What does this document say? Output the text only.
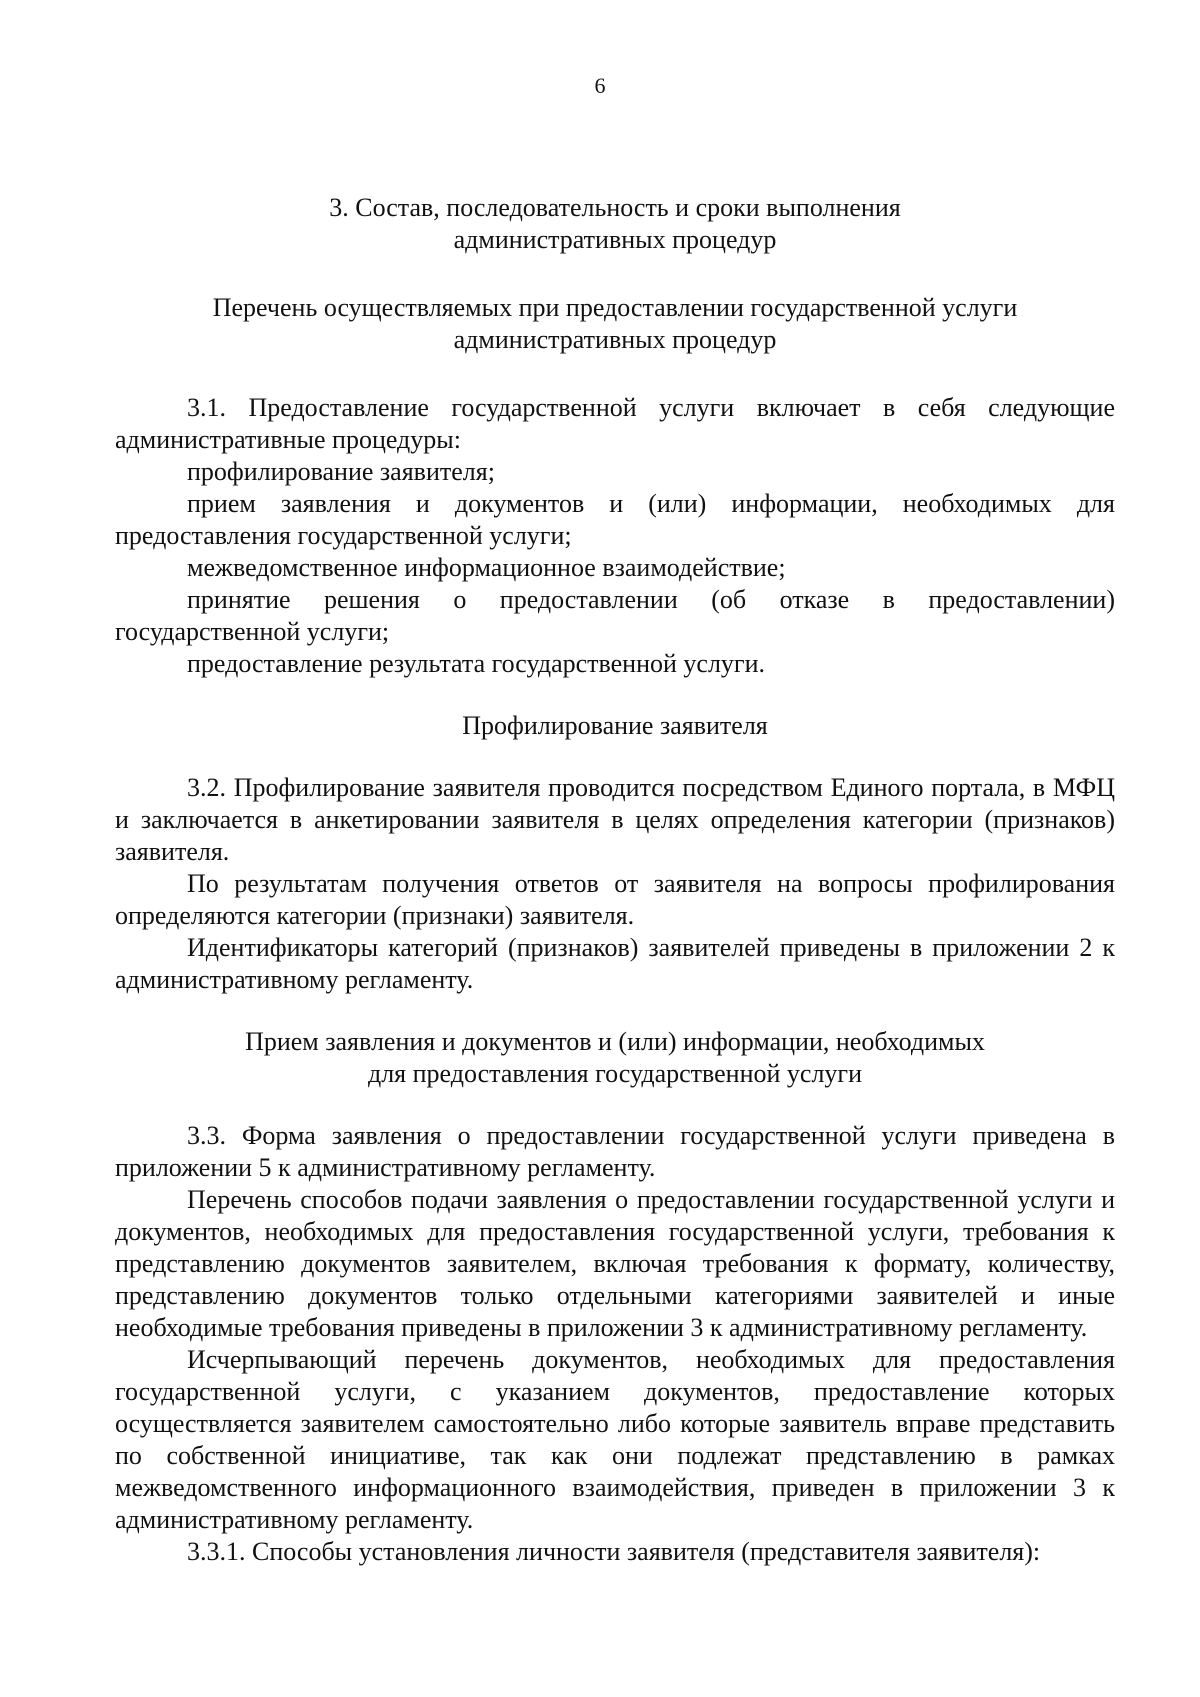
6
3. Состав, последовательность и сроки выполнения
административных процедур
Перечень осуществляемых при предоставлении государственной услуги
административных процедур

3.1. Предоставление государственной услуги включает в себя следующие административные процедуры:

профилирование заявителя;

прием заявления и документов и (или) информации, необходимых для предоставления государственной услуги;

межведомственное информационное взаимодействие;

принятие решения о предоставлении (об отказе в предоставлении) государственной услуги;

предоставление результата государственной услуги.

Профилирование заявителя

3.2. Профилирование заявителя проводится посредством Единого портала, в МФЦ и заключается в анкетировании заявителя в целях определения категории (признаков) заявителя.

По результатам получения ответов от заявителя на вопросы профилирования определяются категории (признаки) заявителя.

Идентификаторы категорий (признаков) заявителей приведены в приложении 2 к административному регламенту.

Прием заявления и документов и (или) информации, необходимых
для предоставления государственной услуги

3.3. Форма заявления о предоставлении государственной услуги приведена в приложении 5 к административному регламенту.

Перечень способов подачи заявления о предоставлении государственной услуги и документов, необходимых для предоставления государственной услуги, требования к представлению документов заявителем, включая требования к формату, количеству, представлению документов только отдельными категориями заявителей и иные необходимые требования приведены в приложении 3 к административному регламенту.

Исчерпывающий перечень документов, необходимых для предоставления государственной услуги, с указанием документов, предоставление которых осуществляется заявителем самостоятельно либо которые заявитель вправе представить по собственной инициативе, так как они подлежат представлению в рамках межведомственного информационного взаимодействия, приведен в приложении 3 к административному регламенту.

3.3.1. Способы установления личности заявителя (представителя заявителя):
